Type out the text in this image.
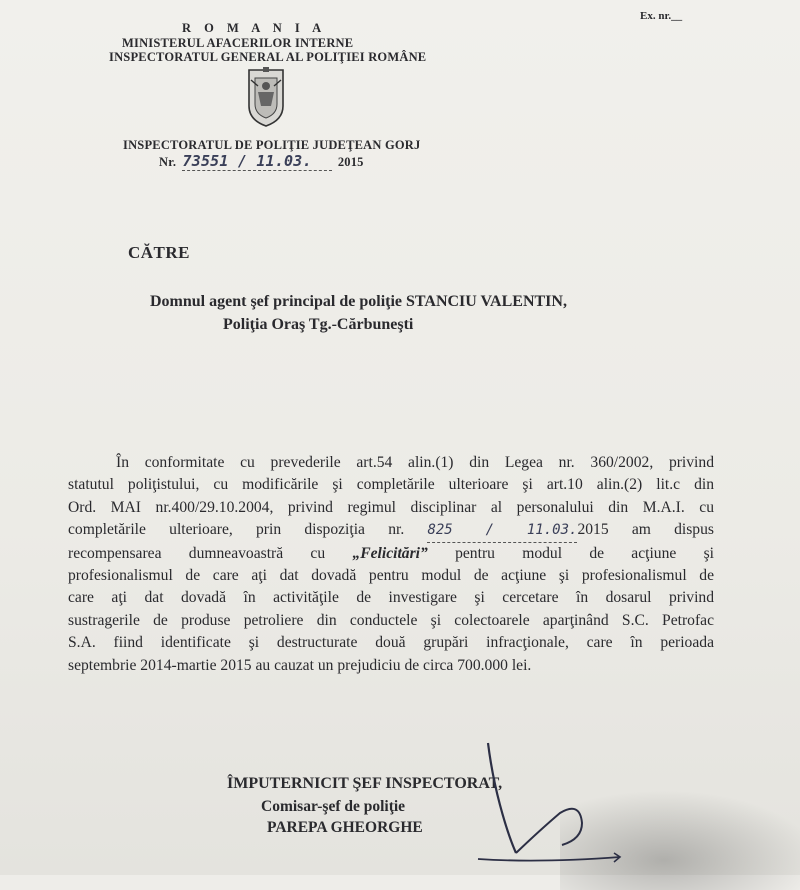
Ex. nr.__
R O M A N I A
MINISTERUL AFACERILOR INTERNE
INSPECTORATUL GENERAL AL POLIŢIEI ROMÂNE
INSPECTORATUL DE POLIŢIE JUDEŢEAN GORJ
Nr. 73551 / 11.03. 2015
CĂTRE
Domnul agent şef principal de poliţie STANCIU VALENTIN,
Poliţia Oraş Tg.-Cărbuneşti
În conformitate cu prevederile art.54 alin.(1) din Legea nr. 360/2002, privind
statutul poliţistului, cu modificările şi completările ulterioare şi art.10 alin.(2) lit.c din
Ord. MAI nr.400/29.10.2004, privind regimul disciplinar al personalului din M.A.I. cu
completările ulterioare, prin dispoziţia nr. 825 / 11.03.2015 am dispus
recompensarea dumneavoastră cu „Felicitări” pentru modul de acţiune şi
profesionalismul de care aţi dat dovadă pentru modul de acţiune şi profesionalismul de
care aţi dat dovadă în activităţile de investigare şi cercetare în dosarul privind
sustragerile de produse petroliere din conductele şi colectoarele aparţinând S.C. Petrofac
S.A. fiind identificate şi destructurate două grupări infracţionale, care în perioada
septembrie 2014-martie 2015 au cauzat un prejudiciu de circa 700.000 lei.
ÎMPUTERNICIT ŞEF INSPECTORAT,
Comisar-şef de poliţie
PAREPA GHEORGHE
